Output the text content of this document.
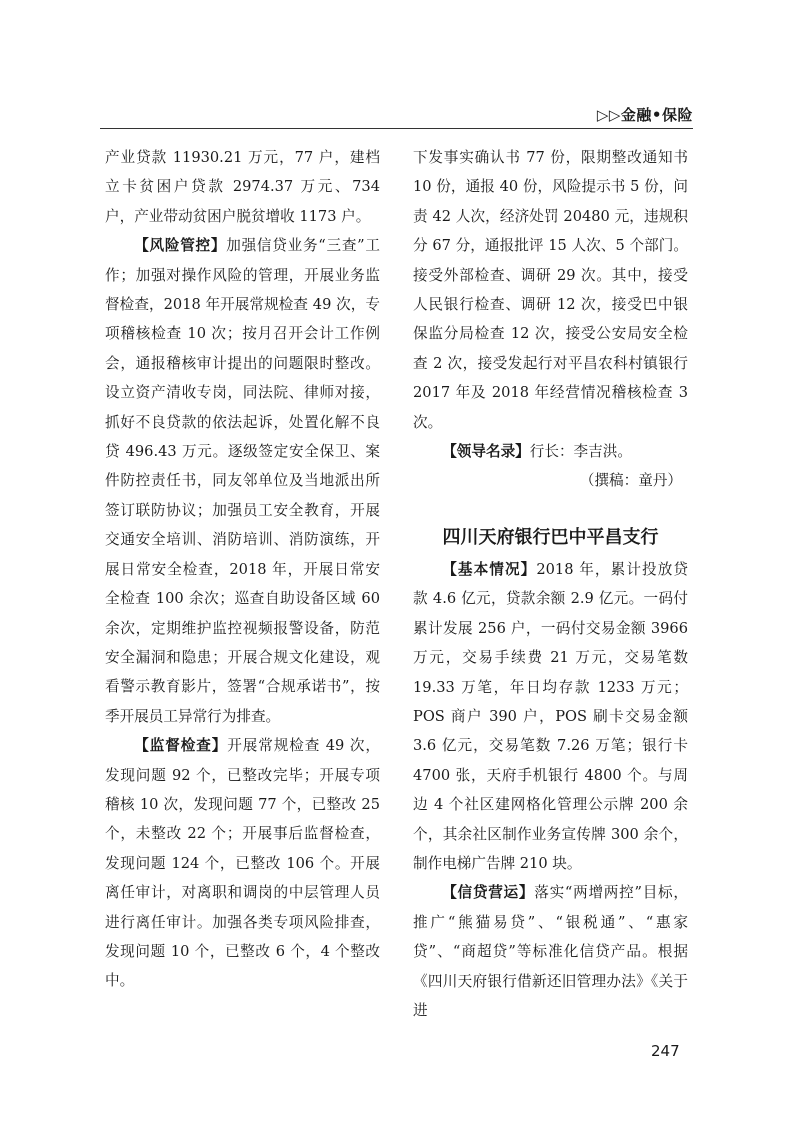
▷▷金融•保险

产业贷款 11930.21 万元，77 户，建档立卡贫困户贷款 2974.37 万元、734 户，产业带动贫困户脱贫增收 1173 户。

【风险管控】加强信贷业务“三查”工作；加强对操作风险的管理，开展业务监督检查，2018 年开展常规检查 49 次，专项稽核检查 10 次；按月召开会计工作例会，通报稽核审计提出的问题限时整改。设立资产清收专岗，同法院、律师对接，抓好不良贷款的依法起诉，处置化解不良贷 496.43 万元。逐级签定安全保卫、案件防控责任书，同友邻单位及当地派出所签订联防协议；加强员工安全教育，开展交通安全培训、消防培训、消防演练，开展日常安全检查，2018 年，开展日常安全检查 100 余次；巡查自助设备区域 60 余次，定期维护监控视频报警设备，防范安全漏洞和隐患；开展合规文化建设，观看警示教育影片，签署“合规承诺书”，按季开展员工异常行为排查。

【监督检查】开展常规检查 49 次，发现问题 92 个，已整改完毕；开展专项稽核 10 次，发现问题 77 个，已整改 25 个，未整改 22 个；开展事后监督检查，发现问题 124 个，已整改 106 个。开展离任审计，对离职和调岗的中层管理人员进行离任审计。加强各类专项风险排查，发现问题 10 个，已整改 6 个，4 个整改中。

下发事实确认书 77 份，限期整改通知书 10 份，通报 40 份，风险提示书 5 份，问责 42 人次，经济处罚 20480 元，违规积分 67 分，通报批评 15 人次、5 个部门。接受外部检查、调研 29 次。其中，接受人民银行检查、调研 12 次，接受巴中银保监分局检查 12 次，接受公安局安全检查 2 次，接受发起行对平昌农科村镇银行 2017 年及 2018 年经营情况稽核检查 3 次。

【领导名录】行长：李吉洪。

（撰稿：童丹）

四川天府银行巴中平昌支行

【基本情况】2018 年，累计投放贷款 4.6 亿元，贷款余额 2.9 亿元。一码付累计发展 256 户，一码付交易金额 3966 万元，交易手续费 21 万元，交易笔数 19.33 万笔，年日均存款 1233 万元；POS 商户 390 户，POS 刷卡交易金额 3.6 亿元，交易笔数 7.26 万笔；银行卡 4700 张，天府手机银行 4800 个。与周边 4 个社区建网格化管理公示牌 200 余个，其余社区制作业务宣传牌 300 余个，制作电梯广告牌 210 块。

【信贷营运】落实“两增两控”目标，推广“熊猫易贷”、“银税通”、“惠家贷”、“商超贷”等标准化信贷产品。根据《四川天府银行借新还旧管理办法》《关于进

247
